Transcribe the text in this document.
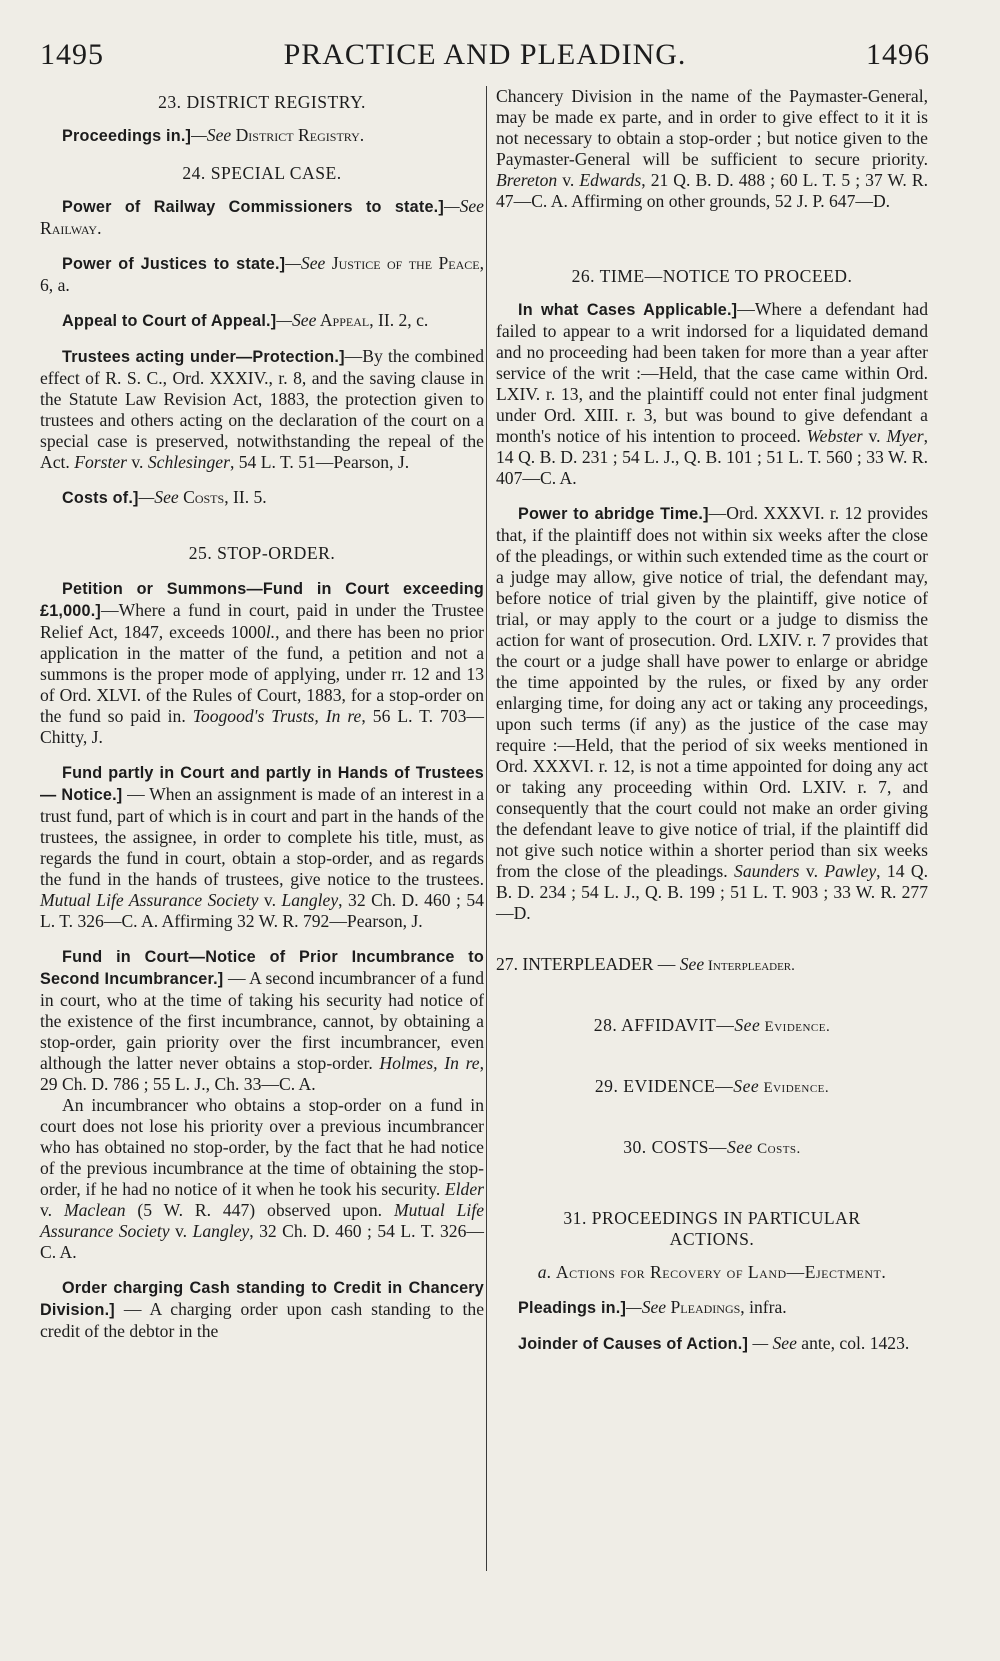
1495	PRACTICE AND PLEADING.	1496

23. DISTRICT REGISTRY.

Proceedings in.]—See District Registry.

24. SPECIAL CASE.

Power of Railway Commissioners to state.]—See Railway.

Power of Justices to state.]—See Justice of the Peace, 6, a.

Appeal to Court of Appeal.]—See Appeal, II. 2, c.

Trustees acting under—Protection.]—By the combined effect of R. S. C., Ord. XXXIV., r. 8, and the saving clause in the Statute Law Revision Act, 1883, the protection given to trustees and others acting on the declaration of the court on a special case is preserved, notwithstanding the repeal of the Act. Forster v. Schlesinger, 54 L. T. 51—Pearson, J.

Costs of.]—See Costs, II. 5.

25. STOP-ORDER.

Petition or Summons—Fund in Court exceeding £1,000.]—Where a fund in court, paid in under the Trustee Relief Act, 1847, exceeds 1000l., and there has been no prior application in the matter of the fund, a petition and not a summons is the proper mode of applying, under rr. 12 and 13 of Ord. XLVI. of the Rules of Court, 1883, for a stop-order on the fund so paid in. Toogood's Trusts, In re, 56 L. T. 703—Chitty, J.

Fund partly in Court and partly in Hands of Trustees — Notice.] — When an assignment is made of an interest in a trust fund, part of which is in court and part in the hands of the trustees, the assignee, in order to complete his title, must, as regards the fund in court, obtain a stop-order, and as regards the fund in the hands of trustees, give notice to the trustees. Mutual Life Assurance Society v. Langley, 32 Ch. D. 460 ; 54 L. T. 326—C. A. Affirming 32 W. R. 792—Pearson, J.

Fund in Court—Notice of Prior Incumbrance to Second Incumbrancer.] — A second incumbrancer of a fund in court, who at the time of taking his security had notice of the existence of the first incumbrance, cannot, by obtaining a stop-order, gain priority over the first incumbrancer, even although the latter never obtains a stop-order. Holmes, In re, 29 Ch. D. 786 ; 55 L. J., Ch. 33—C. A.

An incumbrancer who obtains a stop-order on a fund in court does not lose his priority over a previous incumbrancer who has obtained no stop-order, by the fact that he had notice of the previous incumbrance at the time of obtaining the stop-order, if he had no notice of it when he took his security. Elder v. Maclean (5 W. R. 447) observed upon. Mutual Life Assurance Society v. Langley, 32 Ch. D. 460 ; 54 L. T. 326—C. A.

Order charging Cash standing to Credit in Chancery Division.] — A charging order upon cash standing to the credit of the debtor in the

Chancery Division in the name of the Paymaster-General, may be made ex parte, and in order to give effect to it it is not necessary to obtain a stop-order ; but notice given to the Paymaster-General will be sufficient to secure priority. Brereton v. Edwards, 21 Q. B. D. 488 ; 60 L. T. 5 ; 37 W. R. 47—C. A. Affirming on other grounds, 52 J. P. 647—D.

26. TIME—NOTICE TO PROCEED.

In what Cases Applicable.]—Where a defendant had failed to appear to a writ indorsed for a liquidated demand and no proceeding had been taken for more than a year after service of the writ :—Held, that the case came within Ord. LXIV. r. 13, and the plaintiff could not enter final judgment under Ord. XIII. r. 3, but was bound to give defendant a month's notice of his intention to proceed. Webster v. Myer, 14 Q. B. D. 231 ; 54 L. J., Q. B. 101 ; 51 L. T. 560 ; 33 W. R. 407—C. A.

Power to abridge Time.]—Ord. XXXVI. r. 12 provides that, if the plaintiff does not within six weeks after the close of the pleadings, or within such extended time as the court or a judge may allow, give notice of trial, the defendant may, before notice of trial given by the plaintiff, give notice of trial, or may apply to the court or a judge to dismiss the action for want of prosecution. Ord. LXIV. r. 7 provides that the court or a judge shall have power to enlarge or abridge the time appointed by the rules, or fixed by any order enlarging time, for doing any act or taking any proceedings, upon such terms (if any) as the justice of the case may require :—Held, that the period of six weeks mentioned in Ord. XXXVI. r. 12, is not a time appointed for doing any act or taking any proceeding within Ord. LXIV. r. 7, and consequently that the court could not make an order giving the defendant leave to give notice of trial, if the plaintiff did not give such notice within a shorter period than six weeks from the close of the pleadings. Saunders v. Pawley, 14 Q. B. D. 234 ; 54 L. J., Q. B. 199 ; 51 L. T. 903 ; 33 W. R. 277—D.

27. INTERPLEADER — See Interpleader.

28. AFFIDAVIT—See Evidence.

29. EVIDENCE—See Evidence.

30. COSTS—See Costs.

31. PROCEEDINGS IN PARTICULAR ACTIONS.

a. Actions for Recovery of Land—Ejectment.

Pleadings in.]—See Pleadings, infra.

Joinder of Causes of Action.] — See ante, col. 1423.
